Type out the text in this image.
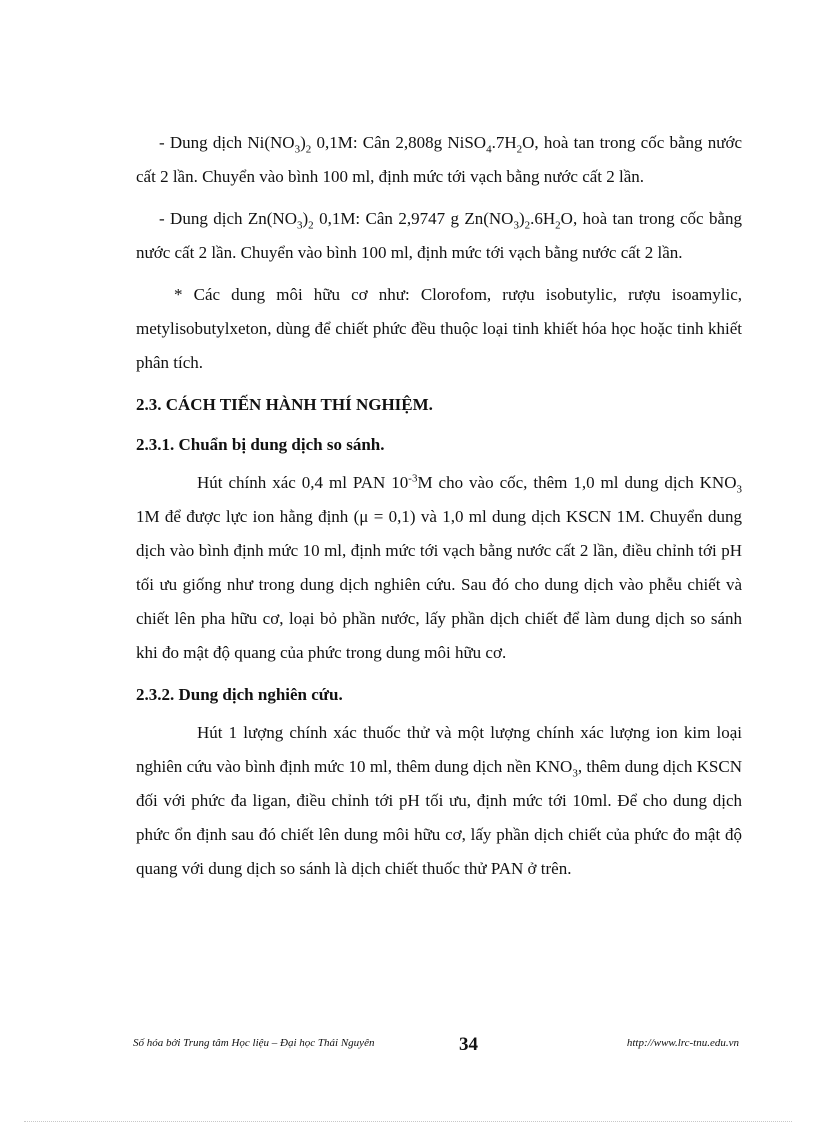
- Dung dịch $Ni(NO_3)_2$ 0,1M: Cân 2,808g $NiSO_4.7H_2O$, hoà tan trong cốc bằng nước cất 2 lần. Chuyển vào bình 100 ml, định mức tới vạch bằng nước cất 2 lần.

- Dung dịch $Zn(NO_3)_2$ 0,1M: Cân 2,9747 g $Zn(NO_3)_2.6H_2O$, hoà tan trong cốc bằng nước cất 2 lần. Chuyển vào bình 100 ml, định mức tới vạch bằng nước cất 2 lần.

* Các dung môi hữu cơ như: Clorofom, rượu isobutylic, rượu isoamylic, metylisobutylxeton, dùng để chiết phức đều thuộc loại tinh khiết hóa học hoặc tinh khiết phân tích.

2.3. CÁCH TIẾN HÀNH THÍ NGHIỆM.
2.3.1. Chuẩn bị dung dịch so sánh.

Hút chính xác 0,4 ml PAN $10^{-3}M$ cho vào cốc, thêm 1,0 ml dung dịch $KNO_3$ 1M để được lực ion hằng định (μ = 0,1) và 1,0 ml dung dịch KSCN 1M. Chuyển dung dịch vào bình định mức 10 ml, định mức tới vạch bằng nước cất 2 lần, điều chỉnh tới pH tối ưu giống như trong dung dịch nghiên cứu. Sau đó cho dung dịch vào phễu chiết và chiết lên pha hữu cơ, loại bỏ phần nước, lấy phần dịch chiết để làm dung dịch so sánh khi đo mật độ quang của phức trong dung môi hữu cơ.

2.3.2. Dung dịch nghiên cứu.

Hút 1 lượng chính xác thuốc thử và một lượng chính xác lượng ion kim loại nghiên cứu vào bình định mức 10 ml, thêm dung dịch nền $KNO_3$, thêm dung dịch KSCN đối với phức đa ligan, điều chỉnh tới pH tối ưu, định mức tới 10ml. Để cho dung dịch phức ổn định sau đó chiết lên dung môi hữu cơ, lấy phần dịch chiết của phức đo mật độ quang với dung dịch so sánh là dịch chiết thuốc thử PAN ở trên.

Số hóa bởi Trung tâm Học liệu – Đại học Thái Nguyên	34	http://www.lrc-tnu.edu.vn
